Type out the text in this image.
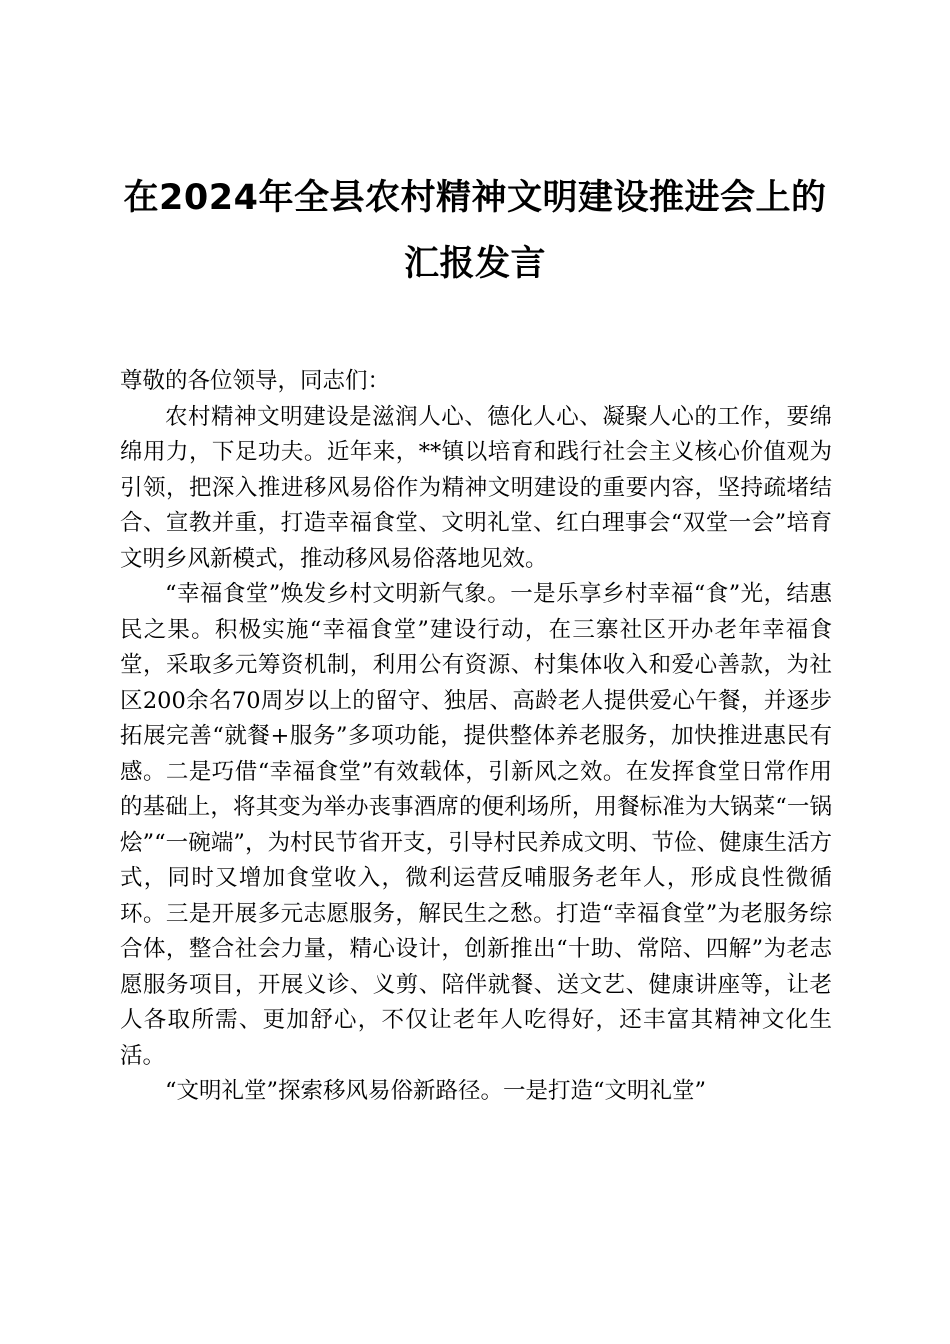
在2024年全县农村精神文明建设推进会上的
汇报发言

尊敬的各位领导，同志们：

农村精神文明建设是滋润人心、德化人心、凝聚人心的工作，要绵绵用力，下足功夫。近年来，**镇以培育和践行社会主义核心价值观为引领，把深入推进移风易俗作为精神文明建设的重要内容，坚持疏堵结合、宣教并重，打造幸福食堂、文明礼堂、红白理事会“双堂一会”培育文明乡风新模式，推动移风易俗落地见效。

“幸福食堂”焕发乡村文明新气象。一是乐享乡村幸福“食”光，结惠民之果。积极实施“幸福食堂”建设行动，在三寨社区开办老年幸福食堂，采取多元筹资机制，利用公有资源、村集体收入和爱心善款，为社区200余名70周岁以上的留守、独居、高龄老人提供爱心午餐，并逐步拓展完善“就餐+服务”多项功能，提供整体养老服务，加快推进惠民有感。二是巧借“幸福食堂”有效载体，引新风之效。在发挥食堂日常作用的基础上，将其变为举办丧事酒席的便利场所，用餐标准为大锅菜“一锅烩”“一碗端”，为村民节省开支，引导村民养成文明、节俭、健康生活方式，同时又增加食堂收入，微利运营反哺服务老年人，形成良性微循环。三是开展多元志愿服务，解民生之愁。打造“幸福食堂”为老服务综合体，整合社会力量，精心设计，创新推出“十助、常陪、四解”为老志愿服务项目，开展义诊、义剪、陪伴就餐、送文艺、健康讲座等，让老人各取所需、更加舒心，不仅让老年人吃得好，还丰富其精神文化生活。

“文明礼堂”探索移风易俗新路径。一是打造“文明礼堂”
